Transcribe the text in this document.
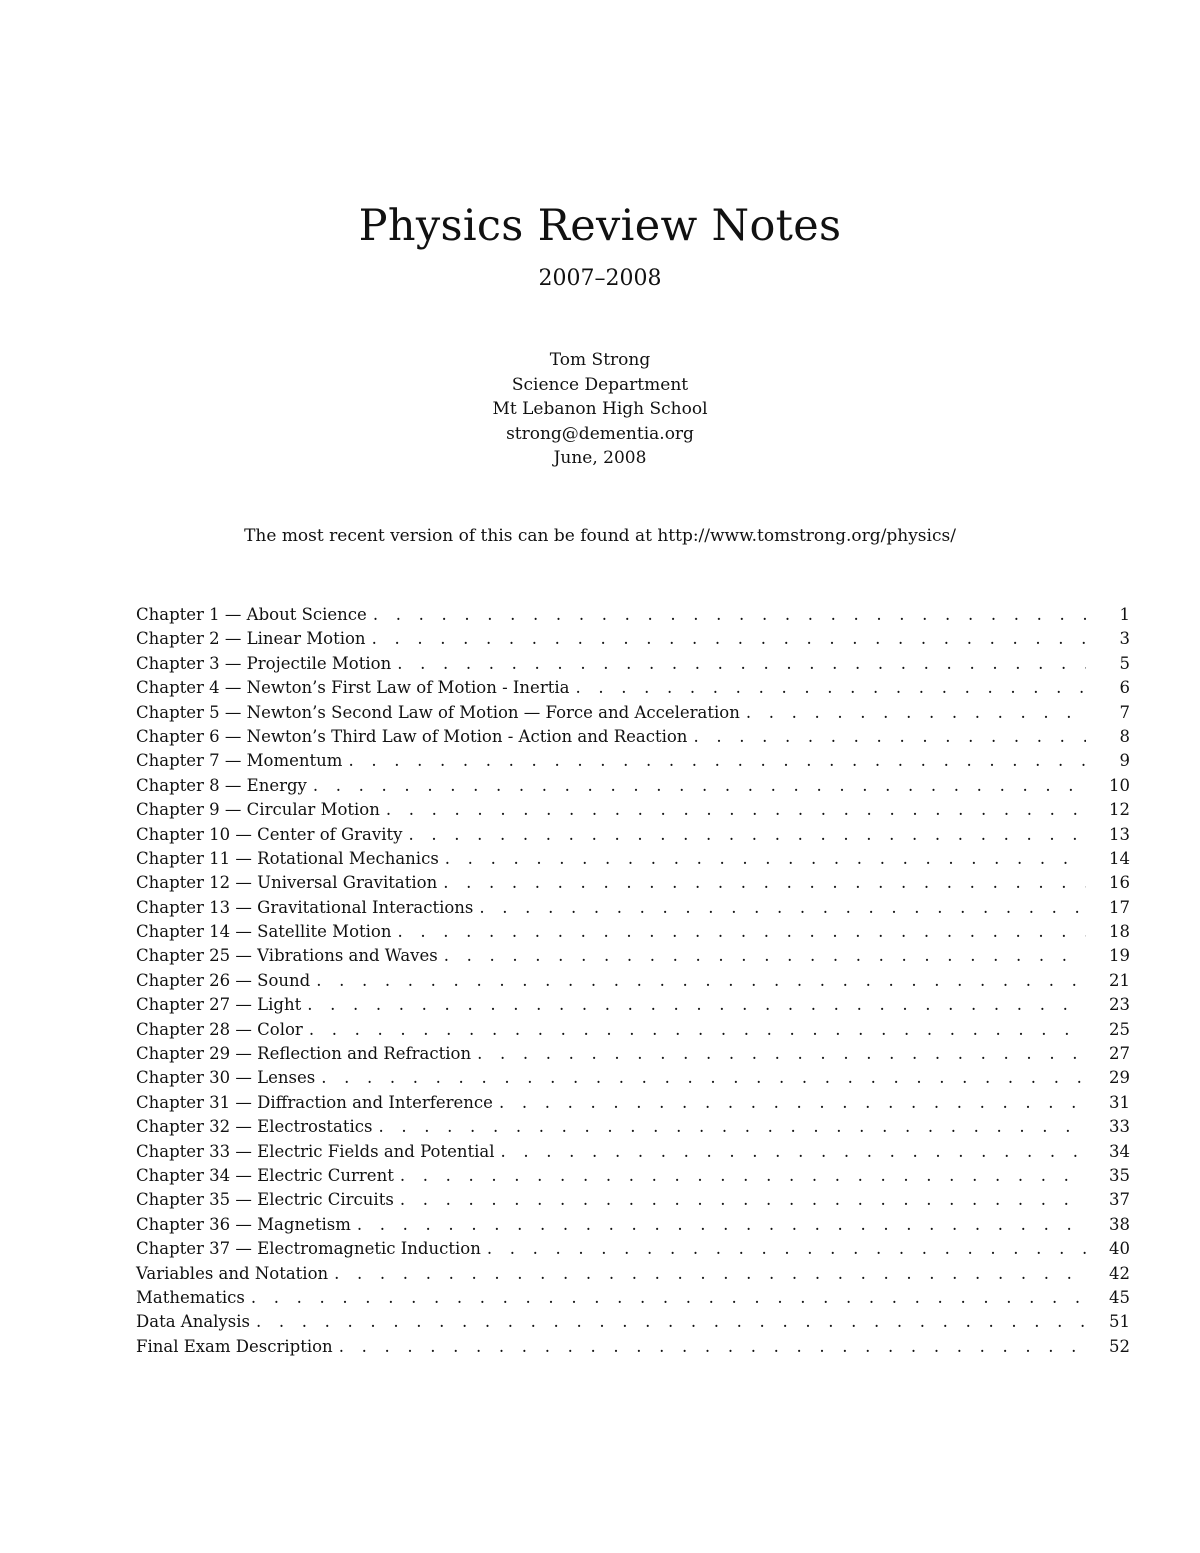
Physics Review Notes
2007–2008
Tom Strong
Science Department
Mt Lebanon High School
strong@dementia.org
June, 2008
The most recent version of this can be found at http://www.tomstrong.org/physics/
Chapter 1 — About Science . . .	1
Chapter 2 — Linear Motion . . .	3
Chapter 3 — Projectile Motion . . .	5
Chapter 4 — Newton’s First Law of Motion - Inertia . . .	6
Chapter 5 — Newton’s Second Law of Motion — Force and Acceleration . . .	7
Chapter 6 — Newton’s Third Law of Motion - Action and Reaction . . .	8
Chapter 7 — Momentum . . .	9
Chapter 8 — Energy . . .	10
Chapter 9 — Circular Motion . . .	12
Chapter 10 — Center of Gravity . . .	13
Chapter 11 — Rotational Mechanics . . .	14
Chapter 12 — Universal Gravitation . . .	16
Chapter 13 — Gravitational Interactions . . .	17
Chapter 14 — Satellite Motion . . .	18
Chapter 25 — Vibrations and Waves . . .	19
Chapter 26 — Sound . . .	21
Chapter 27 — Light . . .	23
Chapter 28 — Color . . .	25
Chapter 29 — Reflection and Refraction . . .	27
Chapter 30 — Lenses . . .	29
Chapter 31 — Diffraction and Interference . . .	31
Chapter 32 — Electrostatics . . .	33
Chapter 33 — Electric Fields and Potential . . .	34
Chapter 34 — Electric Current . . .	35
Chapter 35 — Electric Circuits . . .	37
Chapter 36 — Magnetism . . .	38
Chapter 37 — Electromagnetic Induction . . .	40
Variables and Notation . . .	42
Mathematics . . .	45
Data Analysis . . .	51
Final Exam Description . . .	52
